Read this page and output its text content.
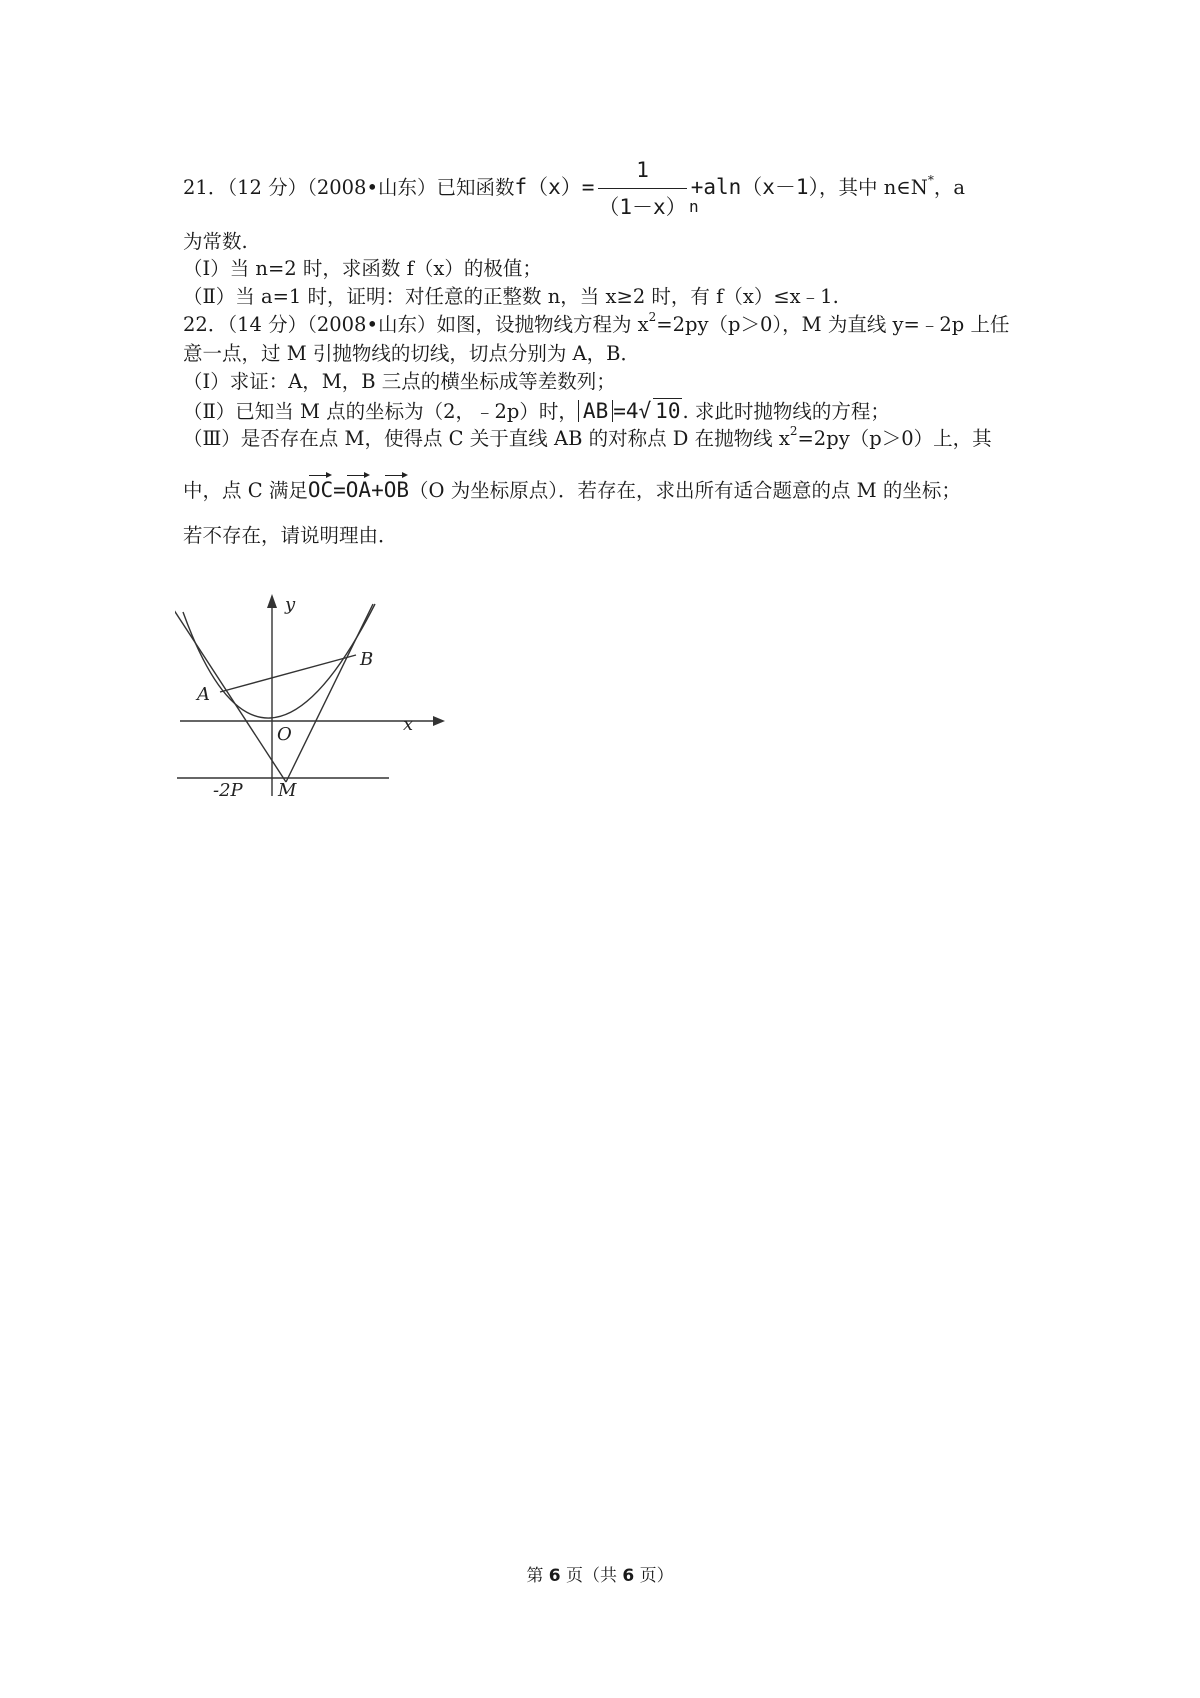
21．（12 分）（2008•山东）已知函数f（x）=
1
（1－x） n
+aln（x－1），其中 n∈N*，a
为常数.
（Ⅰ）当 n=2 时，求函数 f（x）的极值；
（Ⅱ）当 a=1 时，证明：对任意的正整数 n，当 x≥2 时，有 f（x）≤x﹣1.
22．（14 分）（2008•山东）如图，设抛物线方程为 $x^2=2py(p>0)$，M 为直线 y=﹣2p 上任
意一点，过 M 引抛物线的切线，切点分别为 A，B．
（Ⅰ）求证：A，M，B 三点的横坐标成等差数列；
（Ⅱ）已知当 M 点的坐标为（2，﹣2p）时， AB =4√ 10 . 求此时抛物线的方程；
（Ⅲ）是否存在点 M，使得点 C 关于直线 AB 的对称点 D 在抛物线 $x^2=2py(p>0)$上，其
中，点 C 满足OC=OA+OB（O 为坐标原点）．若存在，求出所有适合题意的点 M 的坐标；
若不存在，请说明理由．
y
x
O
A
B
M
-2P
第 6 页（共 6 页）
